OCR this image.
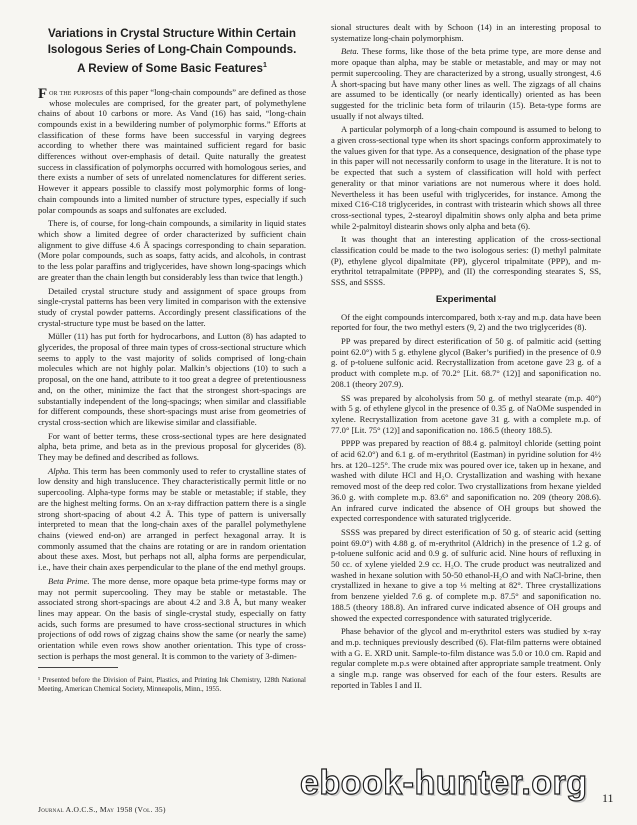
Variations in Crystal Structure Within Certain Isologous Series of Long-Chain Compounds. A Review of Some Basic Features$^1$

For the purposes of this paper “long-chain compounds” are defined as those whose molecules are comprised, for the greater part, of polymethylene chains of about 10 carbons or more. As Vand (16) has said, “long-chain compounds exist in a bewildering number of polymorphic forms.” Efforts at classification of these forms have been successful in varying degrees according to whether there was maintained sufficient regard for basic differences without over-emphasis of detail. Quite naturally the greatest success in classification of polymorphs occurred with homologous series, and there exists a number of sets of unrelated nomenclatures for different series. However it appears possible to classify most polymorphic forms of long-chain compounds into a limited number of structure types, especially if such polar compounds as soaps and sulfonates are excluded.

There is, of course, for long-chain compounds, a similarity in liquid states which show a limited degree of order characterized by sufficient chain alignment to give diffuse 4.6 Å spacings corresponding to chain separation. (More polar compounds, such as soaps, fatty acids, and alcohols, in contrast to the less polar paraffins and triglycerides, have shown long-spacings which are greater than the chain length but considerably less than twice that length.)

Detailed crystal structure study and assignment of space groups from single-crystal patterns has been very limited in comparison with the extensive study of crystal powder patterns. Accordingly present classifications of the crystal-structure type must be based on the latter.

Müller (11) has put forth for hydrocarbons, and Lutton (8) has adapted to glycerides, the proposal of three main types of cross-sectional structure which seems to apply to the vast majority of solids comprised of long-chain molecules which are not highly polar. Malkin’s objections (10) to such a proposal, on the one hand, attribute to it too great a degree of pretentiousness and, on the other, minimize the fact that the strongest short-spacings are substantially independent of the long-spacings; when similar and classifiable for different compounds, these short-spacings must arise from geometries of crystal cross-section which are likewise similar and classifiable.

For want of better terms, these cross-sectional types are here designated alpha, beta prime, and beta as in the previous proposal for glycerides (8). They may be defined and described as follows.

Alpha. This term has been commonly used to refer to crystalline states of low density and high translucence. They characteristically permit little or no supercooling. Alpha-type forms may be stable or metastable; if stable, they are the highest melting forms. On an x-ray diffraction pattern there is a single strong short-spacing of about 4.2 Å. This type of pattern is universally interpreted to mean that the long-chain axes of the parallel polymethylene chains (viewed end-on) are arranged in perfect hexagonal array. It is commonly assumed that the chains are rotating or are in random orientation about these axes. Most, but perhaps not all, alpha forms are perpendicular, i.e., have their chain axes perpendicular to the plane of the end methyl groups.

Beta Prime. The more dense, more opaque beta prime-type forms may or may not permit supercooling. They may be stable or metastable. The associated strong short-spacings are about 4.2 and 3.8 Å, but many weaker lines may appear. On the basis of single-crystal study, especially on fatty acids, such forms are presumed to have cross-sectional structures in which projections of odd rows of zigzag chains show the same (or nearly the same) orientation while even rows show another orientation. This type of cross-section is perhaps the most general. It is common to the variety of 3-dimen-

¹ Presented before the Division of Paint, Plastics, and Printing Ink Chemistry, 128th National Meeting, American Chemical Society, Minneapolis, Minn., 1955.

sional structures dealt with by Schoon (14) in an interesting proposal to systematize long-chain polymorphism.

Beta. These forms, like those of the beta prime type, are more dense and more opaque than alpha, may be stable or metastable, and may or may not permit supercooling. They are characterized by a strong, usually strongest, 4.6 Å short-spacing but have many other lines as well. The zigzags of all chains are assumed to be identically (or nearly identically) oriented as has been suggested for the triclinic beta form of trilaurin (15). Beta-type forms are usually if not always tilted.

A particular polymorph of a long-chain compound is assumed to belong to a given cross-sectional type when its short spacings conform approximately to the values given for that type. As a consequence, designation of the phase type in this paper will not necessarily conform to usage in the literature. It is not to be expected that such a system of classification will hold with perfect generality or that minor variations are not numerous where it does hold. Nevertheless it has been useful with triglycerides, for instance. Among the mixed C16-C18 triglycerides, in contrast with tristearin which shows all three cross-sectional types, 2-stearoyl dipalmitin shows only alpha and beta prime while 2-palmitoyl distearin shows only alpha and beta (6).

It was thought that an interesting application of the cross-sectional classification could be made to the two isologous series: (I) methyl palmitate (P), ethylene glycol dipalmitate (PP), glycerol tripalmitate (PPP), and m-erythritol tetrapalmitate (PPPP), and (II) the corresponding stearates S, SS, SSS, and SSSS.

Experimental

Of the eight compounds intercompared, both x-ray and m.p. data have been reported for four, the two methyl esters (9, 2) and the two triglycerides (8).

PP was prepared by direct esterification of 50 g. of palmitic acid (setting point 62.0°) with 5 g. ethylene glycol (Baker’s purified) in the presence of 0.9 g. of p-toluene sulfonic acid. Recrystallization from acetone gave 23 g. of a product with complete m.p. of 70.2° [Lit. 68.7° (12)] and saponification no. 208.1 (theory 207.9).

SS was prepared by alcoholysis from 50 g. of methyl stearate (m.p. 40°) with 5 g. of ethylene glycol in the presence of 0.35 g. of NaOMe suspended in xylene. Recrystallization from acetone gave 31 g. with a complete m.p. of 77.0° [Lit. 75° (12)] and saponification no. 186.5 (theory 188.5).

PPPP was prepared by reaction of 88.4 g. palmitoyl chloride (setting point of acid 62.0°) and 6.1 g. of m-erythritol (Eastman) in pyridine solution for 4½ hrs. at 120–125°. The crude mix was poured over ice, taken up in hexane, and washed with dilute HCl and H₂O. Crystallization and washing with hexane removed most of the deep red color. Two crystallizations from hexane yielded 36.0 g. with complete m.p. 83.6° and saponification no. 209 (theory 208.6). An infrared curve indicated the absence of OH groups but showed the expected correspondence with saturated triglyceride.

SSSS was prepared by direct esterification of 50 g. of stearic acid (setting point 69.0°) with 4.88 g. of m-erythritol (Aldrich) in the presence of 1.2 g. of p-toluene sulfonic acid and 0.9 g. of sulfuric acid. Nine hours of refluxing in 50 cc. of xylene yielded 2.9 cc. H₂O. The crude product was neutralized and washed in hexane solution with 50-50 ethanol-H₂O and with NaCl-brine, then crystallized in hexane to give a top ⅓ melting at 82°. Three crystallizations from benzene yielded 7.6 g. of complete m.p. 87.5° and saponification no. 188.5 (theory 188.8). An infrared curve indicated absence of OH groups and showed the expected correspondence with saturated triglyceride.

Phase behavior of the glycol and m-erythritol esters was studied by x-ray and m.p. techniques previously described (6). Flat-film patterns were obtained with a G. E. XRD unit. Sample-to-film distance was 5.0 or 10.0 cm. Rapid and regular complete m.p.s were obtained after appropriate sample treatment. Only a single m.p. range was observed for each of the four esters. Results are reported in Tables I and II.

Journal A.O.C.S., May 1958 (Vol. 35)
11
ebook-hunter.org
